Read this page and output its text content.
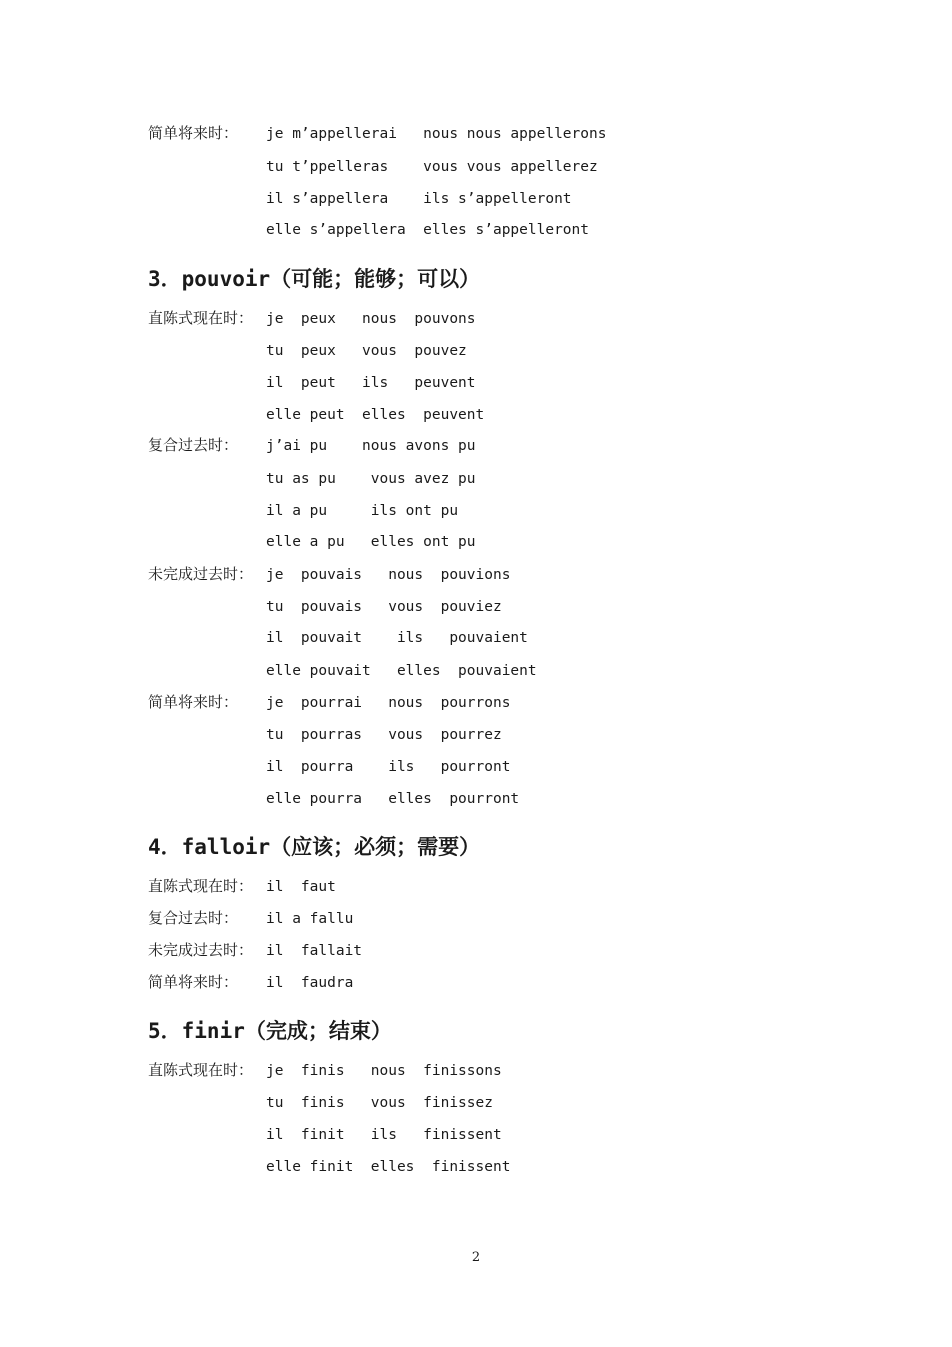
简单将来时： je m’appellerai   nous nous appellerons
tu t’ppelleras    vous vous appellerez
il s’appellera    ils s’appelleront
elle s’appellera  elles s’appelleront
3．pouvoir（可能；能够；可以）
直陈式现在时： je  peux   nous  pouvons
tu  peux   vous  pouvez
il  peut   ils   peuvent
elle peut  elles  peuvent
复合过去时： j’ai pu    nous avons pu
tu as pu    vous avez pu
il a pu     ils ont pu
elle a pu   elles ont pu
未完成过去时： je  pouvais   nous  pouvions
tu  pouvais   vous  pouviez
il  pouvait    ils   pouvaient
elle pouvait   elles  pouvaient
简单将来时： je  pourrai   nous  pourrons
tu  pourras   vous  pourrez
il  pourra    ils   pourront
elle pourra   elles  pourront
4．falloir（应该；必须；需要）
直陈式现在时： il  faut
复合过去时： il a fallu
未完成过去时： il  fallait
简单将来时： il  faudra
5．finir（完成；结束）
直陈式现在时： je  finis   nous  finissons
tu  finis   vous  finissez
il  finit   ils   finissent
elle finit  elles  finissent
2
